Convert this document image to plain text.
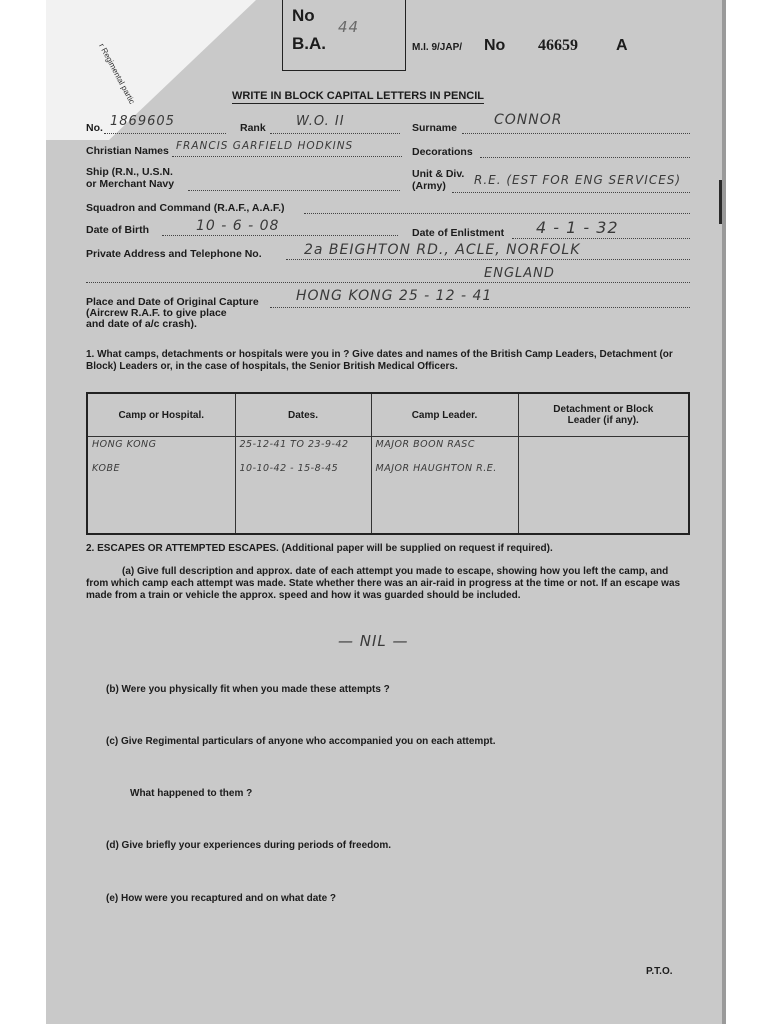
r Regimental partic
No
B.A.
44
M.I. 9/JAP/ No 46659 A
WRITE IN BLOCK CAPITAL LETTERS IN PENCIL
No. 1869605	Rank W.O. II	Surname	CONNOR
Christian Names FRANCIS GARFIELD HODKINS	Decorations
Ship (R.N., U.S.N.
or Merchant Navy
Unit & Div.
(Army) R.E. (EST FOR ENG SERVICES)
Squadron and Command (R.A.F., A.A.F.)
Date of Birth	10 - 6 - 08	Date of Enlistment 4 - 1 - 32
Private Address and Telephone No.	2a BEIGHTON RD., ACLE, NORFOLK
ENGLAND
Place and Date of Original Capture
(Aircrew R.A.F. to give place
and date of a/c crash).
HONG KONG 25 - 12 - 41
1. What camps, detachments or hospitals were you in ? Give dates and names of the British Camp Leaders, Detachment (or Block) Leaders or, in the case of hospitals, the Senior British Medical Officers.
Camp or Hospital.	Dates.	Camp Leader.	Detachment or Block Leader (if any).
HONG KONG	25-12-41 TO 23-9-42	MAJOR BOON RASC	
KOBE	10-10-42 - 15-8-45	MAJOR HAUGHTON R.E.	

2. ESCAPES OR ATTEMPTED ESCAPES. (Additional paper will be supplied on request if required).
(a) Give full description and approx. date of each attempt you made to escape, showing how you left the camp, and from which camp each attempt was made. State whether there was an air-raid in progress at the time or not. If an escape was made from a train or vehicle the approx. speed and how it was guarded should be included.
— NIL —
(b) Were you physically fit when you made these attempts ?
(c) Give Regimental particulars of anyone who accompanied you on each attempt.
What happened to them ?
(d) Give briefly your experiences during periods of freedom.
(e) How were you recaptured and on what date ?
P.T.O.
